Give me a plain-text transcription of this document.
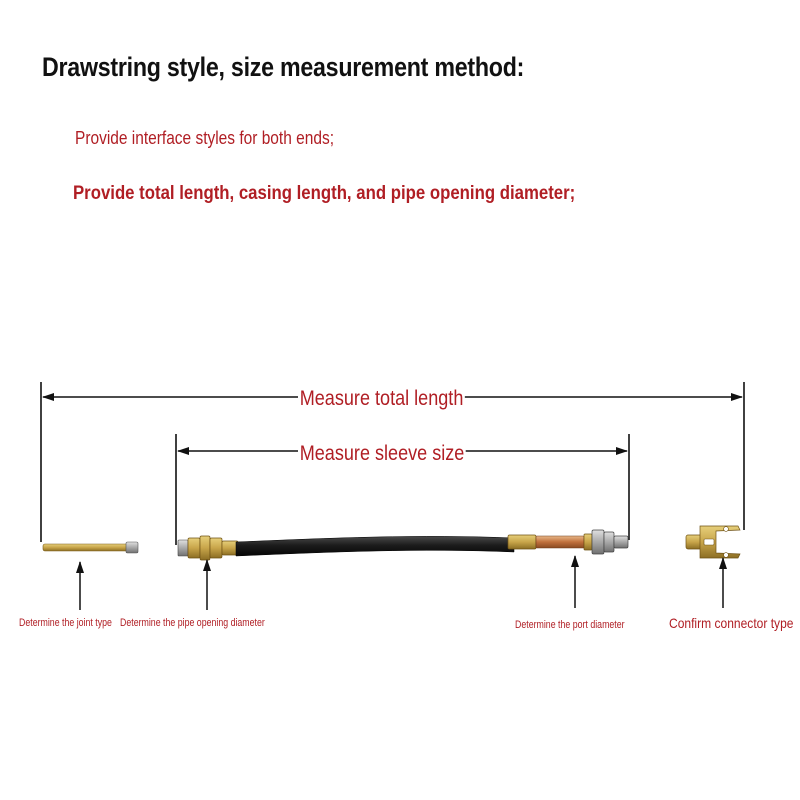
Drawstring style, size measurement method:
Provide interface styles for both ends;
Provide total length, casing length, and pipe opening diameter;
Measure total length
Measure sleeve size
Determine the joint type Determine the pipe opening diameter	Determine the port diameter	Confirm connector type
